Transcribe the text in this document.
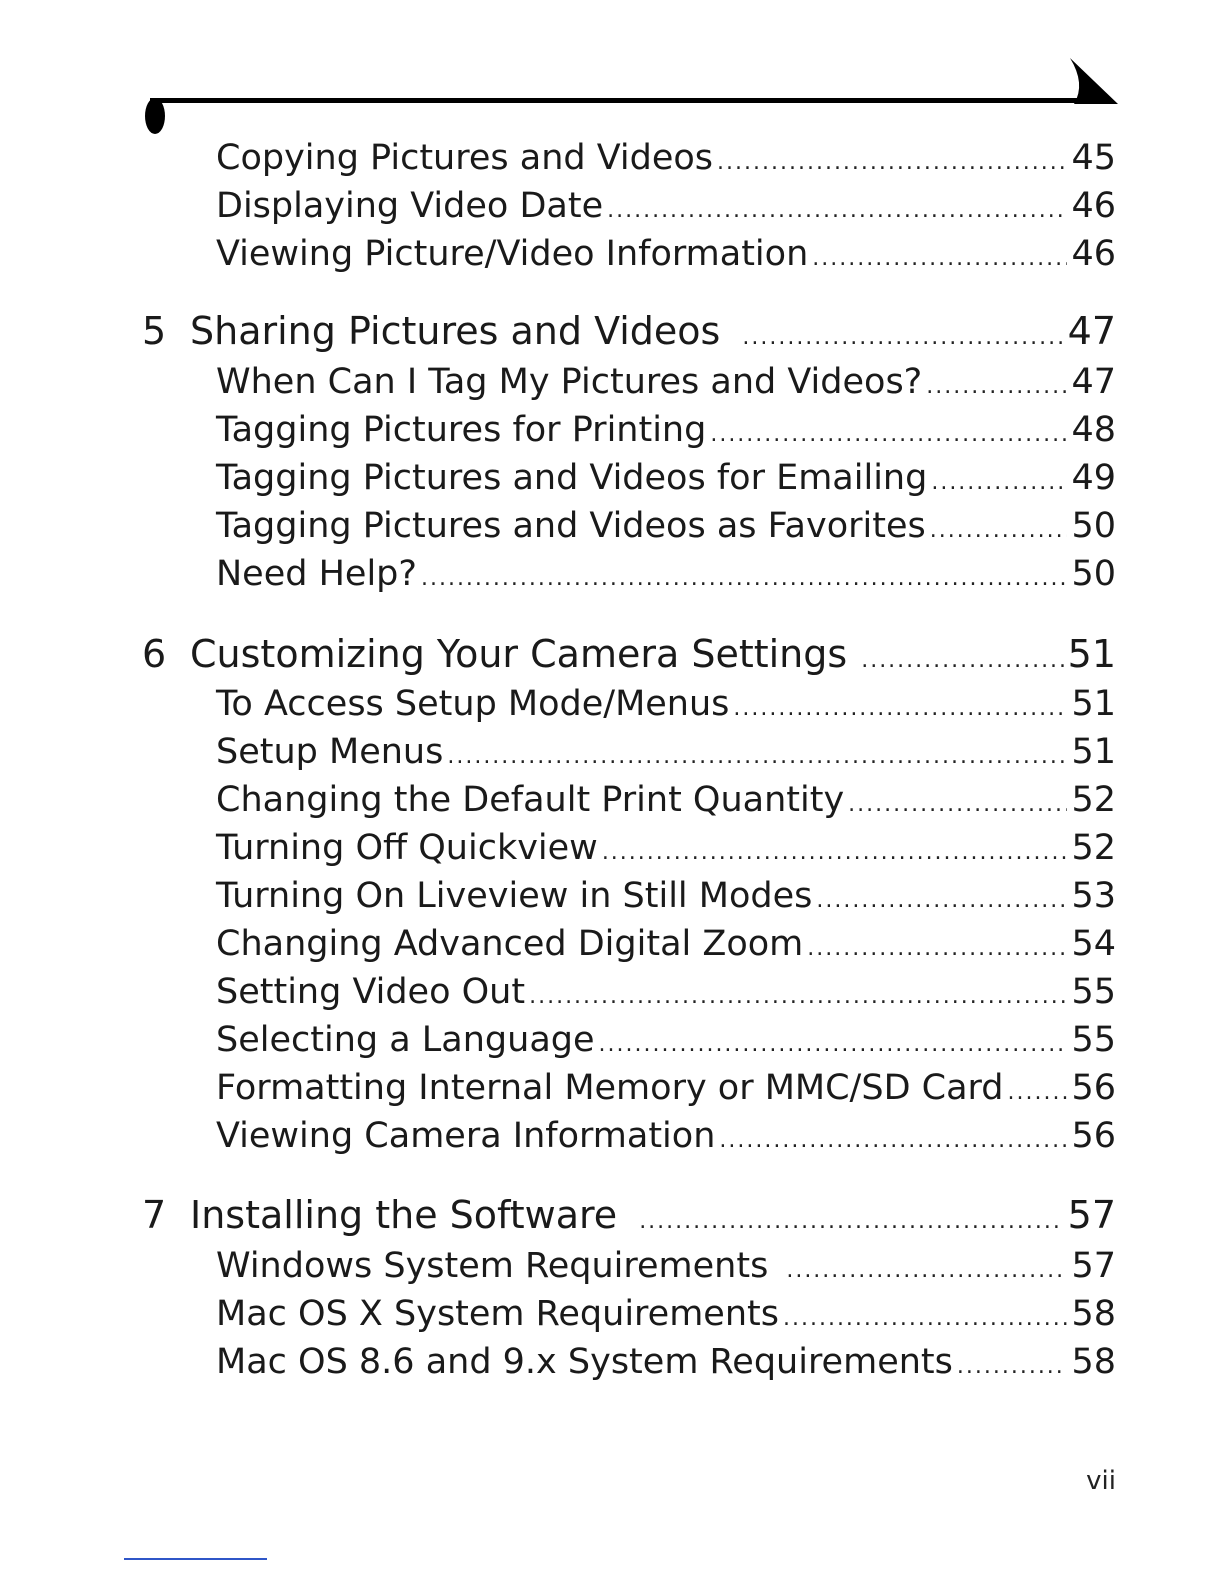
Copying Pictures and Videos .....	45
Displaying Video Date .....	46
Viewing Picture/Video Information .....	46
5 Sharing Pictures and Videos .....	47
When Can I Tag My Pictures and Videos? .....	47
Tagging Pictures for Printing .....	48
Tagging Pictures and Videos for Emailing .....	49
Tagging Pictures and Videos as Favorites .....	50
Need Help? .....	50
6 Customizing Your Camera Settings .....	51
To Access Setup Mode/Menus .....	51
Setup Menus .....	51
Changing the Default Print Quantity .....	52
Turning Off Quickview .....	52
Turning On Liveview in Still Modes .....	53
Changing Advanced Digital Zoom .....	54
Setting Video Out .....	55
Selecting a Language .....	55
Formatting Internal Memory or MMC/SD Card ..... 56
Viewing Camera Information .....	56
7 Installing the Software .....	57
Windows System Requirements .....	57
Mac OS X System Requirements .....	58
Mac OS 8.6 and 9.x System Requirements .....	58
vii
